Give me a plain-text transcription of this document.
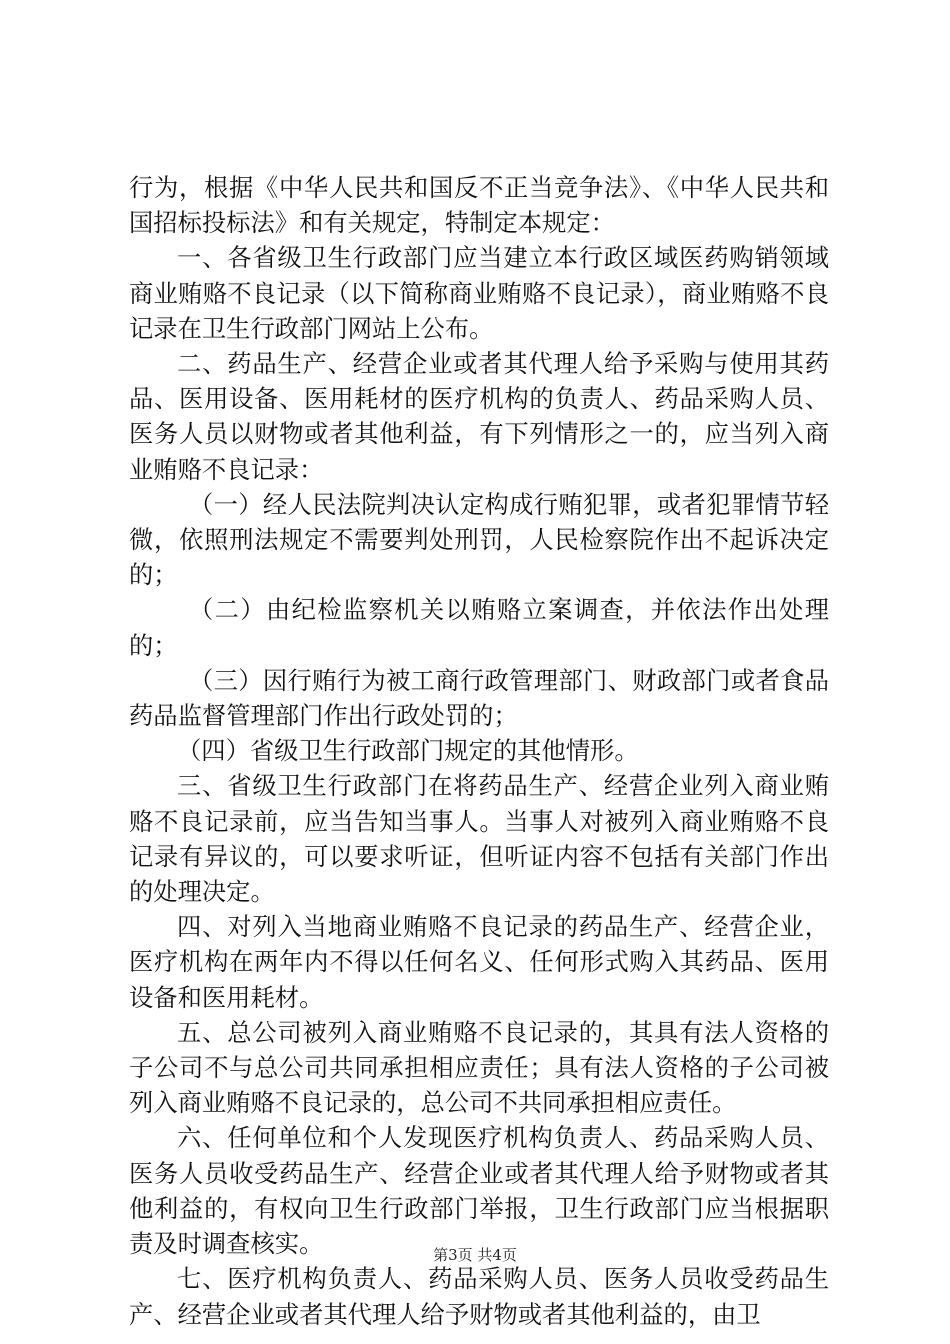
行为，根据《中华人民共和国反不正当竞争法》、《中华人民共和国招标投标法》和有关规定，特制定本规定：

一、各省级卫生行政部门应当建立本行政区域医药购销领域商业贿赂不良记录（以下简称商业贿赂不良记录），商业贿赂不良记录在卫生行政部门网站上公布。

二、药品生产、经营企业或者其代理人给予采购与使用其药品、医用设备、医用耗材的医疗机构的负责人、药品采购人员、医务人员以财物或者其他利益，有下列情形之一的，应当列入商业贿赂不良记录：

（一）经人民法院判决认定构成行贿犯罪，或者犯罪情节轻微，依照刑法规定不需要判处刑罚，人民检察院作出不起诉决定的；

（二）由纪检监察机关以贿赂立案调查，并依法作出处理的；

（三）因行贿行为被工商行政管理部门、财政部门或者食品药品监督管理部门作出行政处罚的；

（四）省级卫生行政部门规定的其他情形。

三、省级卫生行政部门在将药品生产、经营企业列入商业贿赂不良记录前，应当告知当事人。当事人对被列入商业贿赂不良记录有异议的，可以要求听证，但听证内容不包括有关部门作出的处理决定。

四、对列入当地商业贿赂不良记录的药品生产、经营企业，医疗机构在两年内不得以任何名义、任何形式购入其药品、医用设备和医用耗材。

五、总公司被列入商业贿赂不良记录的，其具有法人资格的子公司不与总公司共同承担相应责任；具有法人资格的子公司被列入商业贿赂不良记录的，总公司不共同承担相应责任。

六、任何单位和个人发现医疗机构负责人、药品采购人员、医务人员收受药品生产、经营企业或者其代理人给予财物或者其他利益的，有权向卫生行政部门举报，卫生行政部门应当根据职责及时调查核实。

七、医疗机构负责人、药品采购人员、医务人员收受药品生产、经营企业或者其代理人给予财物或者其他利益的，由卫

第3页 共4页
